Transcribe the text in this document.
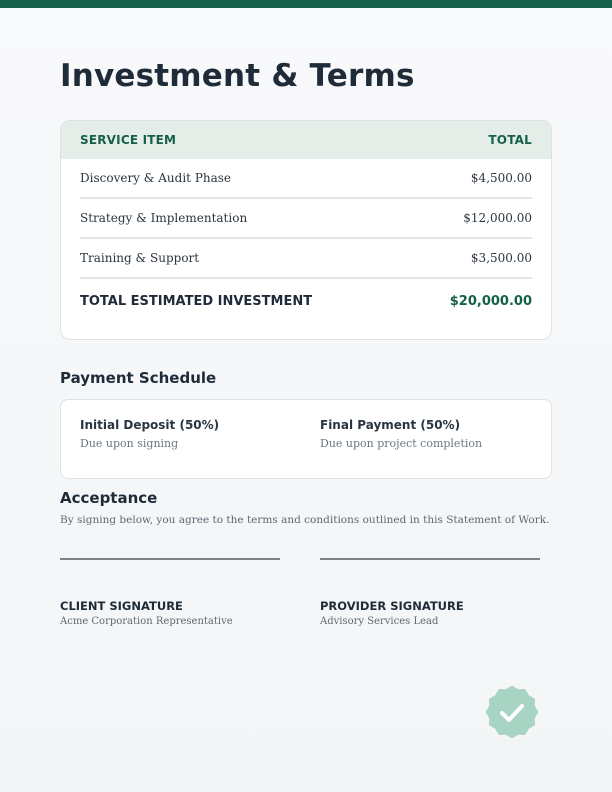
Investment & Terms
SERVICE ITEM	TOTAL
Discovery & Audit Phase	$4,500.00
Strategy & Implementation	$12,000.00
Training & Support	$3,500.00
TOTAL ESTIMATED INVESTMENT	$20,000.00
Payment Schedule
Initial Deposit (50%)
Due upon signing
Final Payment (50%)
Due upon project completion
Acceptance
By signing below, you agree to the terms and conditions outlined in this Statement of Work.
CLIENT SIGNATURE
Acme Corporation Representative
PROVIDER SIGNATURE
Advisory Services Lead
